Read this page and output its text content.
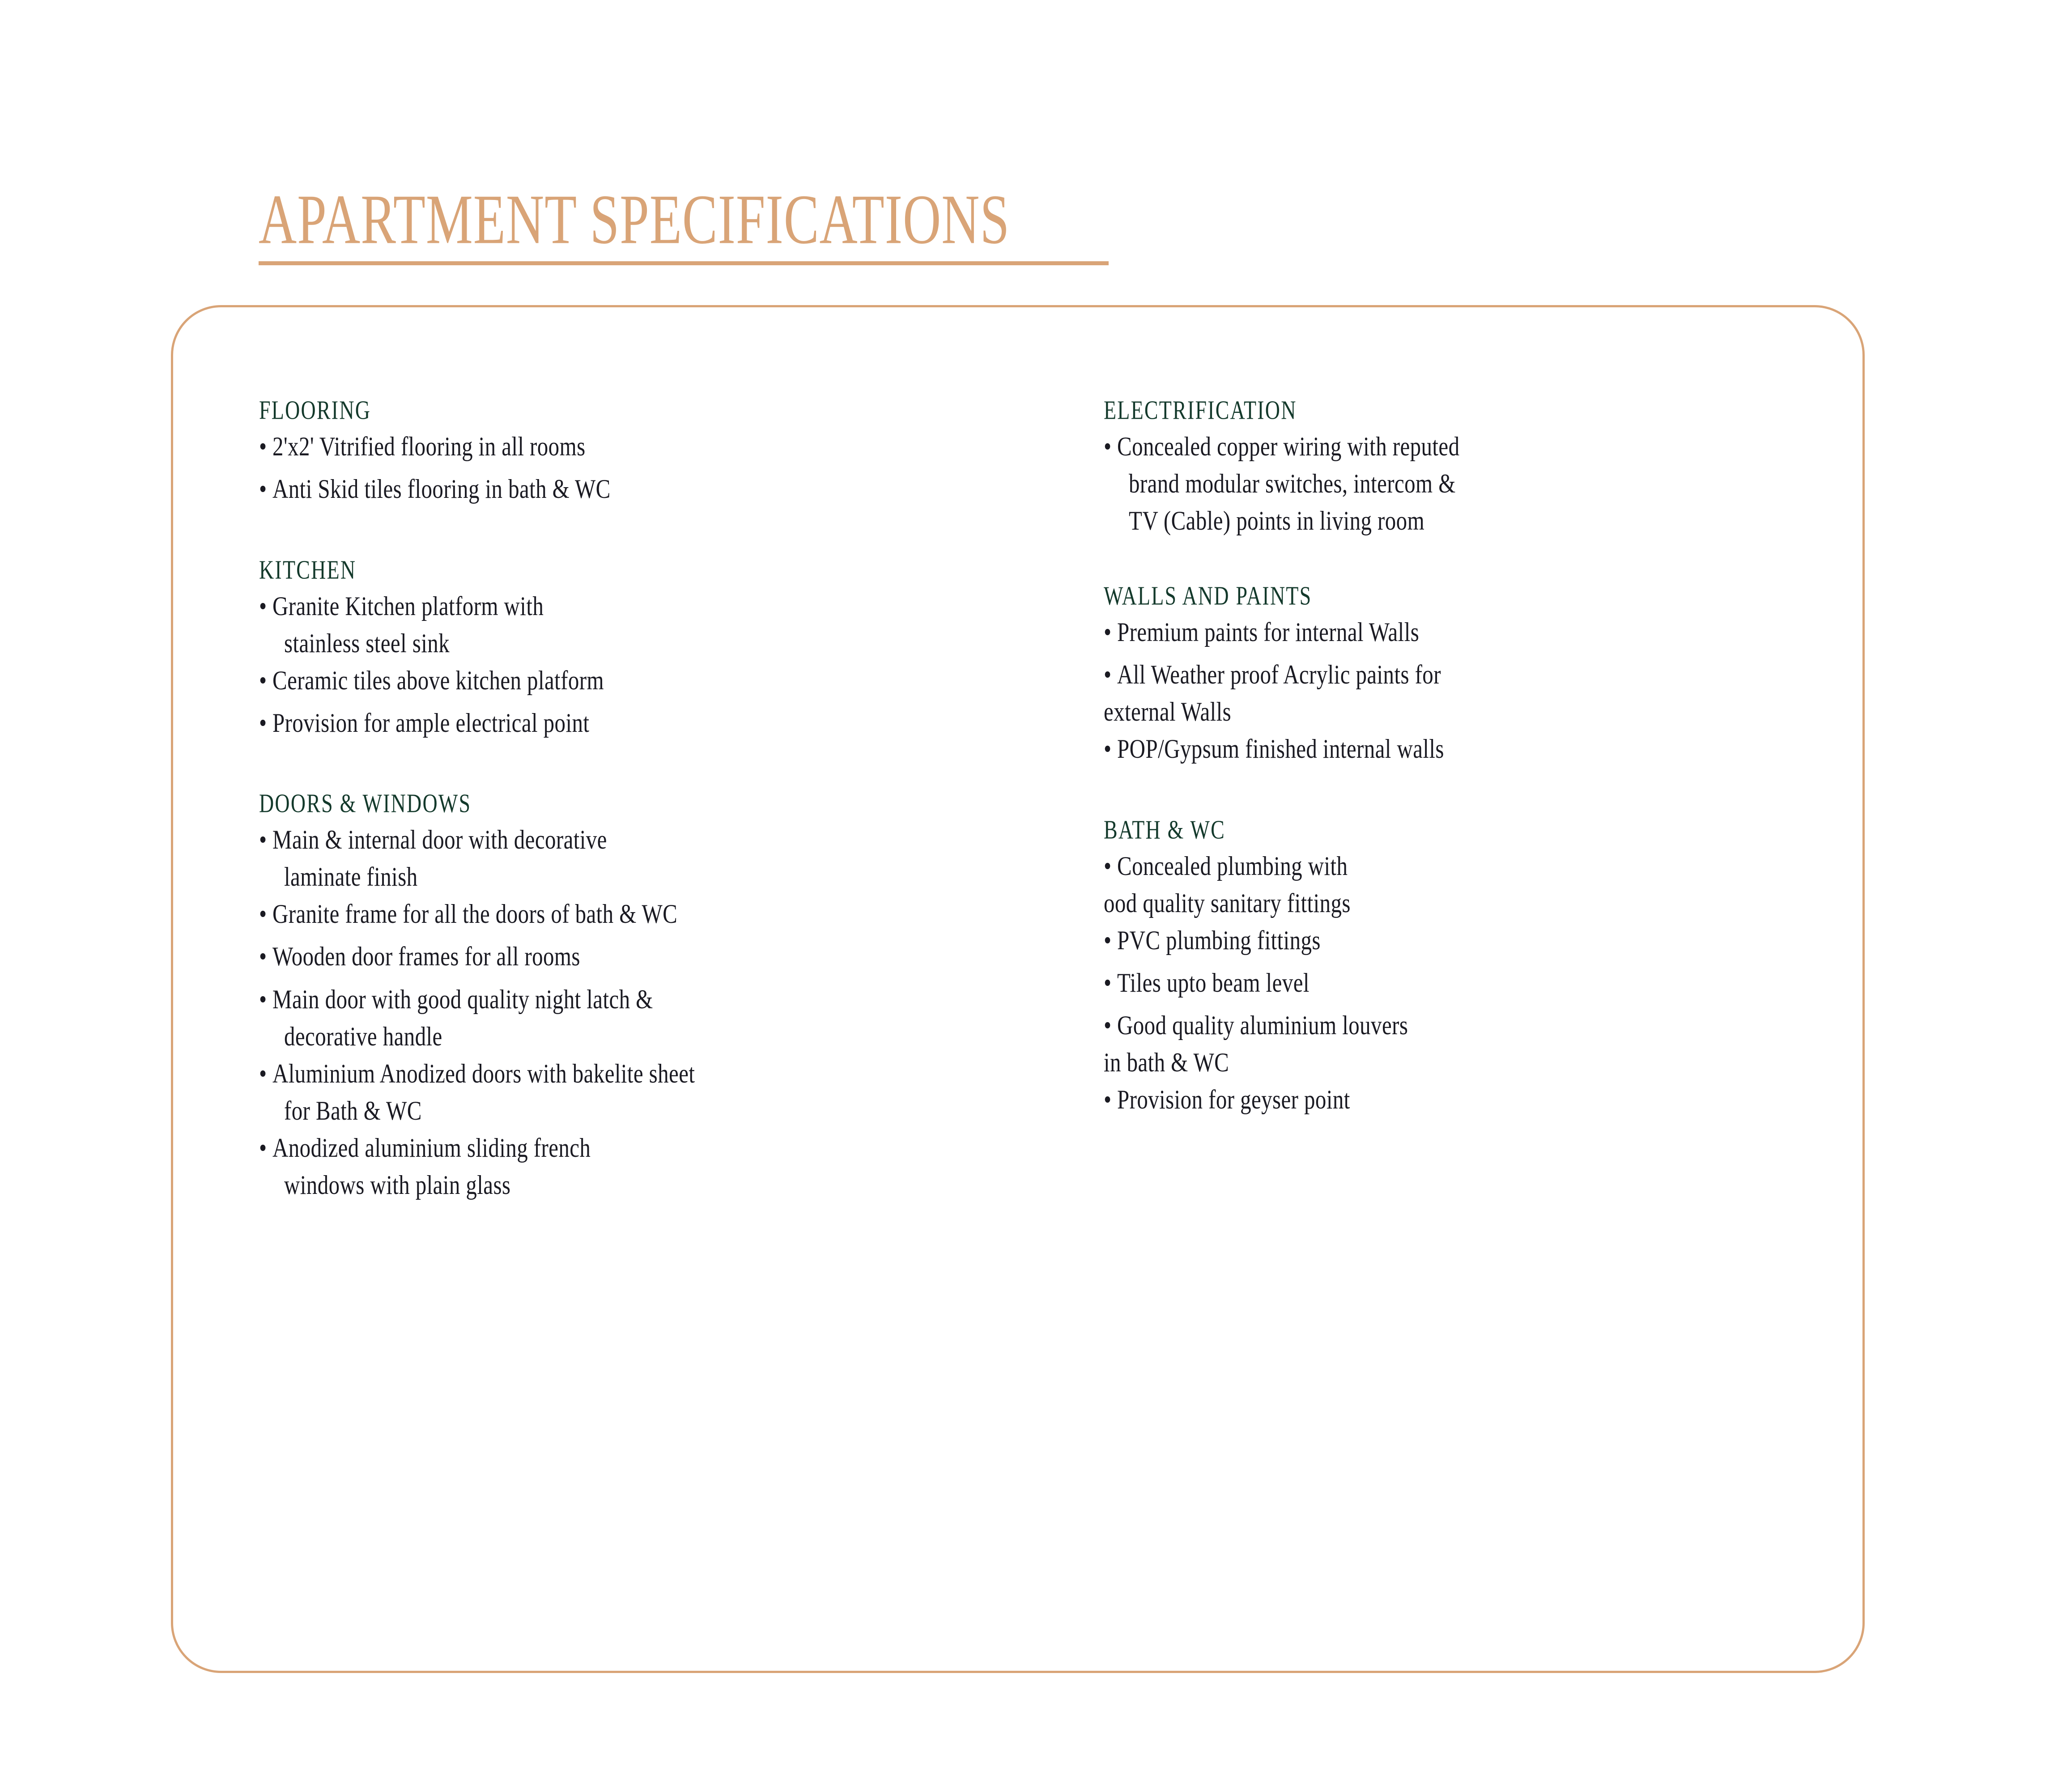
APARTMENT SPECIFICATIONS
FLOORING
• 2'x2' Vitrified flooring in all rooms
• Anti Skid tiles flooring in bath & WC
KITCHEN
• Granite Kitchen platform with
stainless steel sink
• Ceramic tiles above kitchen platform
• Provision for ample electrical point
DOORS & WINDOWS
• Main & internal door with decorative
laminate finish
• Granite frame for all the doors of bath & WC
• Wooden door frames for all rooms
• Main door with good quality night latch &
decorative handle
• Aluminium Anodized doors with bakelite sheet
for Bath & WC
• Anodized aluminium sliding french
windows with plain glass
ELECTRIFICATION
• Concealed copper wiring with reputed
brand modular switches, intercom &
TV (Cable) points in living room
WALLS AND PAINTS
• Premium paints for internal Walls
• All Weather proof Acrylic paints for
external Walls
• POP/Gypsum finished internal walls
BATH & WC
• Concealed plumbing with
ood quality sanitary fittings
• PVC plumbing fittings
• Tiles upto beam level
• Good quality aluminium louvers
in bath & WC
• Provision for geyser point
